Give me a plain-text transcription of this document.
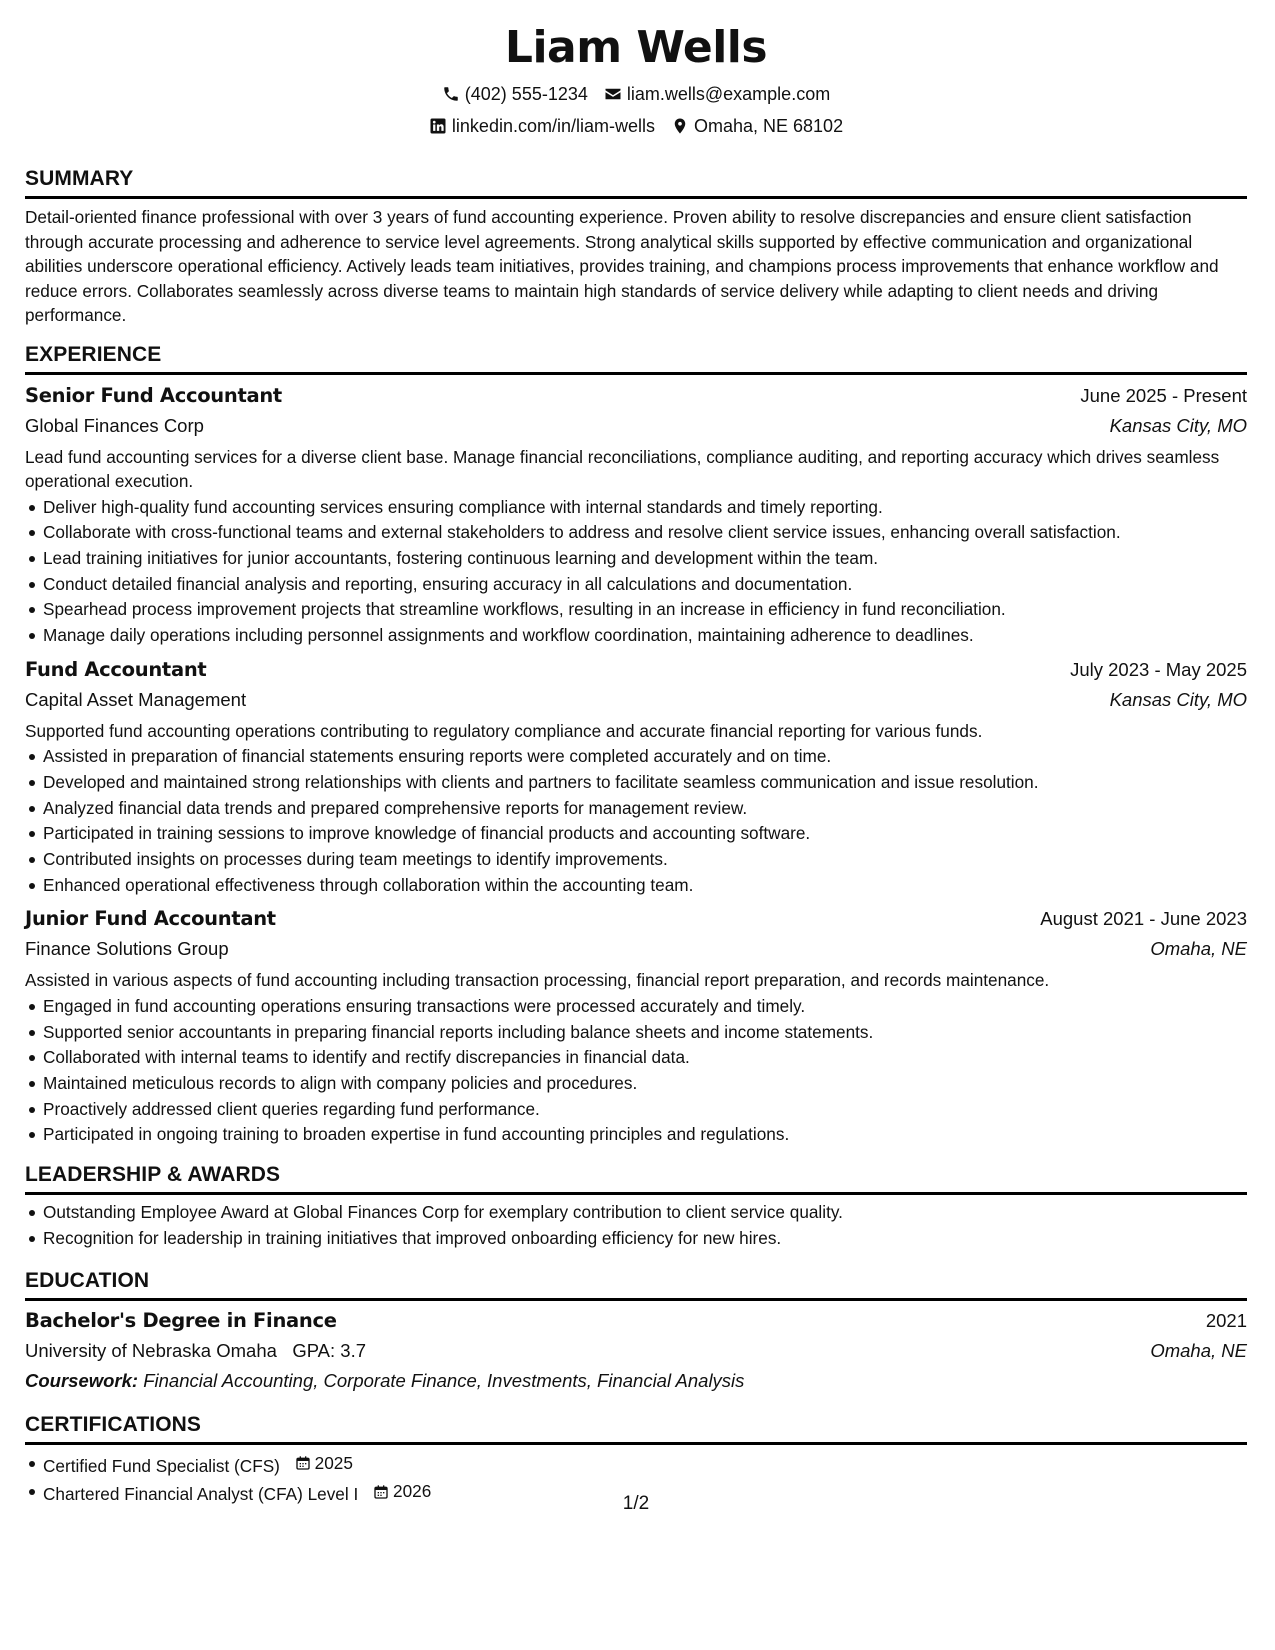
Liam Wells
(402) 555-1234 liam.wells@example.com
linkedin.com/in/liam-wells Omaha, NE 68102
SUMMARY
Detail-oriented finance professional with over 3 years of fund accounting experience. Proven ability to resolve discrepancies and ensure client satisfaction through accurate processing and adherence to service level agreements. Strong analytical skills supported by effective communication and organizational abilities underscore operational efficiency. Actively leads team initiatives, provides training, and champions process improvements that enhance workflow and reduce errors. Collaborates seamlessly across diverse teams to maintain high standards of service delivery while adapting to client needs and driving performance.
EXPERIENCE
Senior Fund Accountant	June 2025 - Present
Global Finances Corp	Kansas City, MO
Lead fund accounting services for a diverse client base. Manage financial reconciliations, compliance auditing, and reporting accuracy which drives seamless operational execution.
Deliver high-quality fund accounting services ensuring compliance with internal standards and timely reporting.
Collaborate with cross-functional teams and external stakeholders to address and resolve client service issues, enhancing overall satisfaction.
Lead training initiatives for junior accountants, fostering continuous learning and development within the team.
Conduct detailed financial analysis and reporting, ensuring accuracy in all calculations and documentation.
Spearhead process improvement projects that streamline workflows, resulting in an increase in efficiency in fund reconciliation.
Manage daily operations including personnel assignments and workflow coordination, maintaining adherence to deadlines.
Fund Accountant	July 2023 - May 2025
Capital Asset Management	Kansas City, MO
Supported fund accounting operations contributing to regulatory compliance and accurate financial reporting for various funds.
Assisted in preparation of financial statements ensuring reports were completed accurately and on time.
Developed and maintained strong relationships with clients and partners to facilitate seamless communication and issue resolution.
Analyzed financial data trends and prepared comprehensive reports for management review.
Participated in training sessions to improve knowledge of financial products and accounting software.
Contributed insights on processes during team meetings to identify improvements.
Enhanced operational effectiveness through collaboration within the accounting team.
Junior Fund Accountant	August 2021 - June 2023
Finance Solutions Group	Omaha, NE
Assisted in various aspects of fund accounting including transaction processing, financial report preparation, and records maintenance.
Engaged in fund accounting operations ensuring transactions were processed accurately and timely.
Supported senior accountants in preparing financial reports including balance sheets and income statements.
Collaborated with internal teams to identify and rectify discrepancies in financial data.
Maintained meticulous records to align with company policies and procedures.
Proactively addressed client queries regarding fund performance.
Participated in ongoing training to broaden expertise in fund accounting principles and regulations.
LEADERSHIP & AWARDS
Outstanding Employee Award at Global Finances Corp for exemplary contribution to client service quality.
Recognition for leadership in training initiatives that improved onboarding efficiency for new hires.
EDUCATION
Bachelor's Degree in Finance	2021
University of Nebraska Omaha GPA: 3.7	Omaha, NE
Coursework: Financial Accounting, Corporate Finance, Investments, Financial Analysis
CERTIFICATIONS
Certified Fund Specialist (CFS) 2025
Chartered Financial Analyst (CFA) Level I 2026
1/2
